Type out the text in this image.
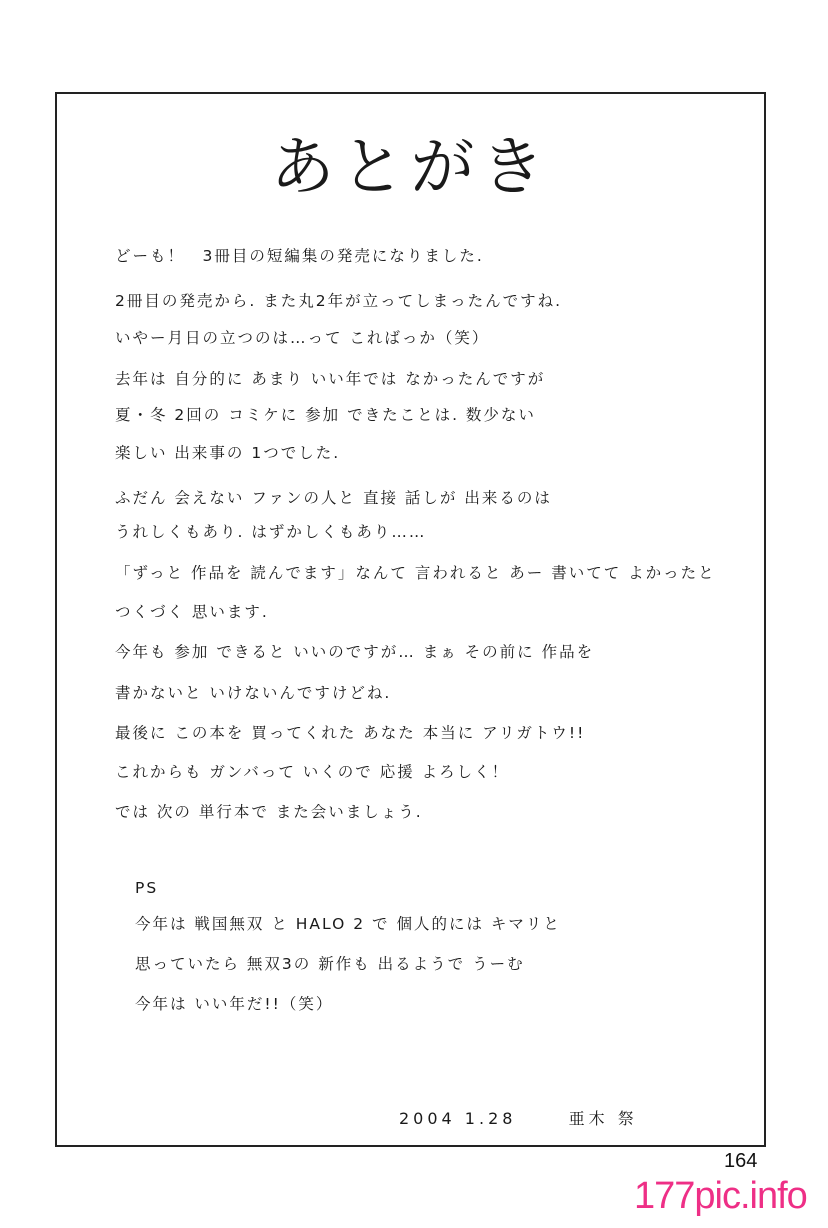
あとがき
どーも！　3冊目の短編集の発売になりました.
2冊目の発売から. また丸2年が立ってしまったんですね.
いやー月日の立つのは…って こればっか（笑）
去年は 自分的に あまり いい年では なかったんですが
夏・冬 2回の コミケに 参加 できたことは. 数少ない
楽しい 出来事の 1つでした.
ふだん 会えない ファンの人と 直接 話しが 出来るのは
うれしくもあり. はずかしくもあり……
「ずっと 作品を 読んでます」なんて 言われると あー 書いてて よかったと
つくづく 思います.
今年も 参加 できると いいのですが… まぁ その前に 作品を
書かないと いけないんですけどね.
最後に この本を 買ってくれた あなた 本当に アリガトウ!!
これからも ガンバって いくので 応援 よろしく！
では 次の 単行本で また会いましょう.
PS
今年は 戦国無双 と HALO 2 で 個人的には キマリと
思っていたら 無双3の 新作も 出るようで うーむ
今年は いい年だ!!（笑）
2004 1.28	亜木 祭
164
177pic.info
